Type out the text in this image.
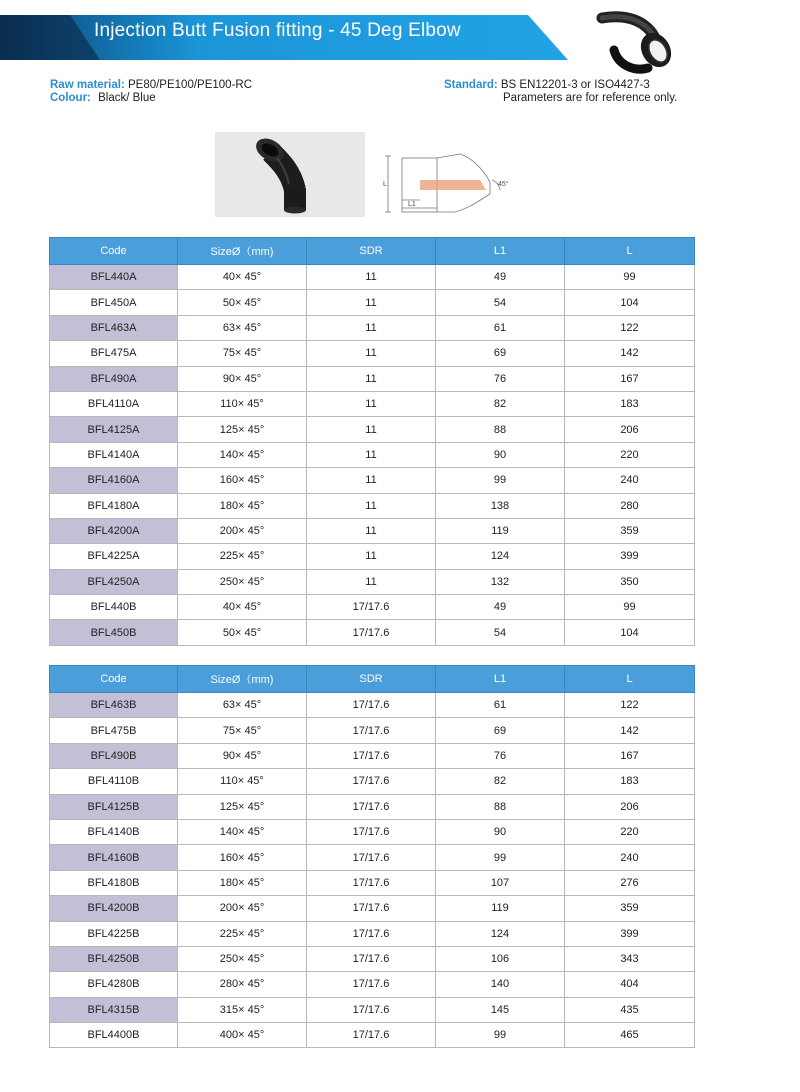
Injection Butt Fusion fitting - 45 Deg Elbow
Raw material: PE80/PE100/PE100-RC
Colour: Black/ Blue
Standard: BS EN12201-3 or ISO4427-3
Parameters are for reference only.
L
L1
45°
Code	SizeØ（mm)	SDR	L1	L
BFL440A	40× 45°	11	49	99
BFL450A	50× 45°	11	54	104
BFL463A	63× 45°	11	61	122
BFL475A	75× 45°	11	69	142
BFL490A	90× 45°	11	76	167
BFL4110A	110× 45°	11	82	183
BFL4125A	125× 45°	11	88	206
BFL4140A	140× 45°	11	90	220
BFL4160A	160× 45°	11	99	240
BFL4180A	180× 45°	11	138	280
BFL4200A	200× 45°	11	119	359
BFL4225A	225× 45°	11	124	399
BFL4250A	250× 45°	11	132	350
BFL440B	40× 45°	17/17.6	49	99
BFL450B	50× 45°	17/17.6	54	104
Code	SizeØ（mm)	SDR	L1	L
BFL463B	63× 45°	17/17.6	61	122
BFL475B	75× 45°	17/17.6	69	142
BFL490B	90× 45°	17/17.6	76	167
BFL4110B	110× 45°	17/17.6	82	183
BFL4125B	125× 45°	17/17.6	88	206
BFL4140B	140× 45°	17/17.6	90	220
BFL4160B	160× 45°	17/17.6	99	240
BFL4180B	180× 45°	17/17.6	107	276
BFL4200B	200× 45°	17/17.6	119	359
BFL4225B	225× 45°	17/17.6	124	399
BFL4250B	250× 45°	17/17.6	106	343
BFL4280B	280× 45°	17/17.6	140	404
BFL4315B	315× 45°	17/17.6	145	435
BFL4400B	400× 45°	17/17.6	99	465
